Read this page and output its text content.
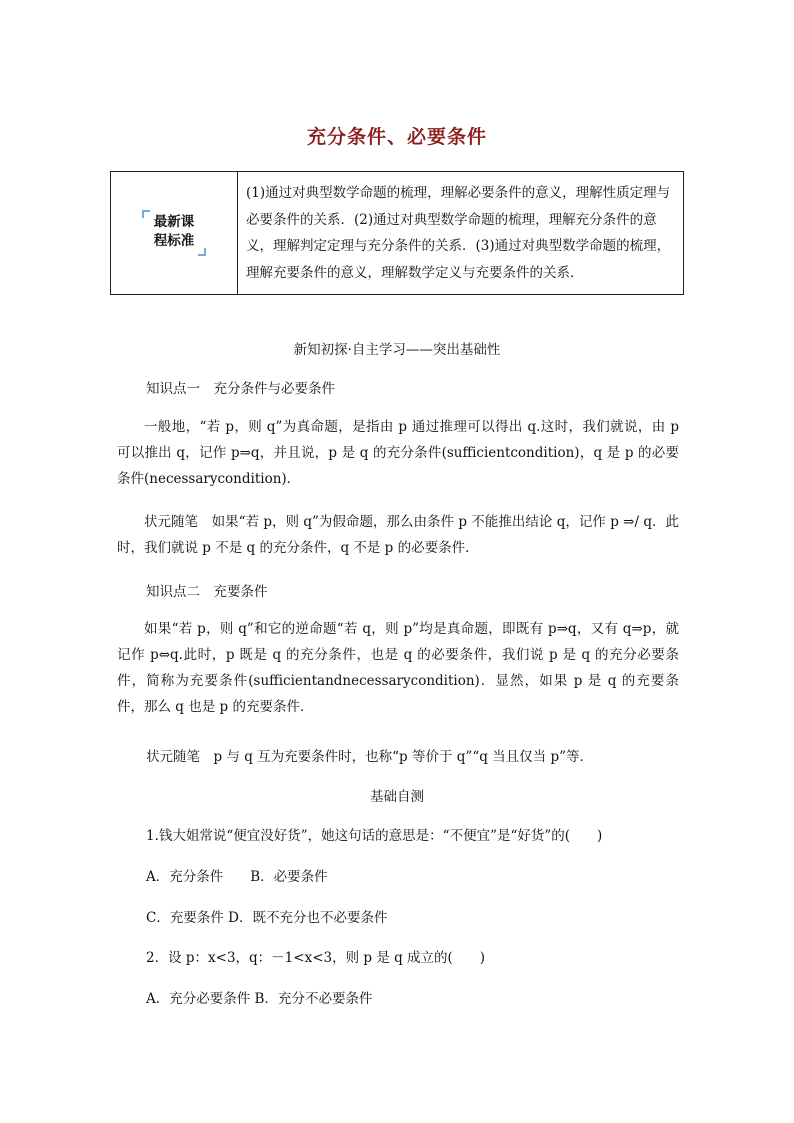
充分条件、必要条件
最新课
程标准
(1)通过对典型数学命题的梳理，理解必要条件的意义，理解性质定理与必要条件的关系．(2)通过对典型数学命题的梳理，理解充分条件的意义，理解判定定理与充分条件的关系．(3)通过对典型数学命题的梳理，理解充要条件的意义，理解数学定义与充要条件的关系．
新知初探·自主学习——突出基础性
知识点一　充分条件与必要条件
一般地，“若 p，则 q”为真命题，是指由 p 通过推理可以得出 q.这时，我们就说，由 p 可以推出 q，记作 p⇒q，并且说，p 是 q 的充分条件(sufficientcondition)，q 是 p 的必要条件(necessarycondition)．
状元随笔　如果“若 p，则 q”为假命题，那么由条件 p 不能推出结论 q，记作 p ⇒/ q．此时，我们就说 p 不是 q 的充分条件，q 不是 p 的必要条件．
知识点二　充要条件
如果“若 p，则 q”和它的逆命题“若 q，则 p”均是真命题，即既有 p⇒q，又有 q⇒p，就记作 p⇔q.此时，p 既是 q 的充分条件，也是 q 的必要条件，我们说 p 是 q 的充分必要条件，简称为充要条件(sufficientandnecessarycondition)．显然，如果 p 是 q 的充要条件，那么 q 也是 p 的充要条件．
状元随笔　p 与 q 互为充要条件时，也称“p 等价于 q”“q 当且仅当 p”等．
基础自测
1.钱大姐常说“便宜没好货”，她这句话的意思是：“不便宜”是“好货”的(　　)
A．充分条件　　B．必要条件
C．充要条件 D．既不充分也不必要条件
2．设 p：x<3，q：－1<x<3，则 p 是 q 成立的(　　)
A．充分必要条件 B．充分不必要条件
